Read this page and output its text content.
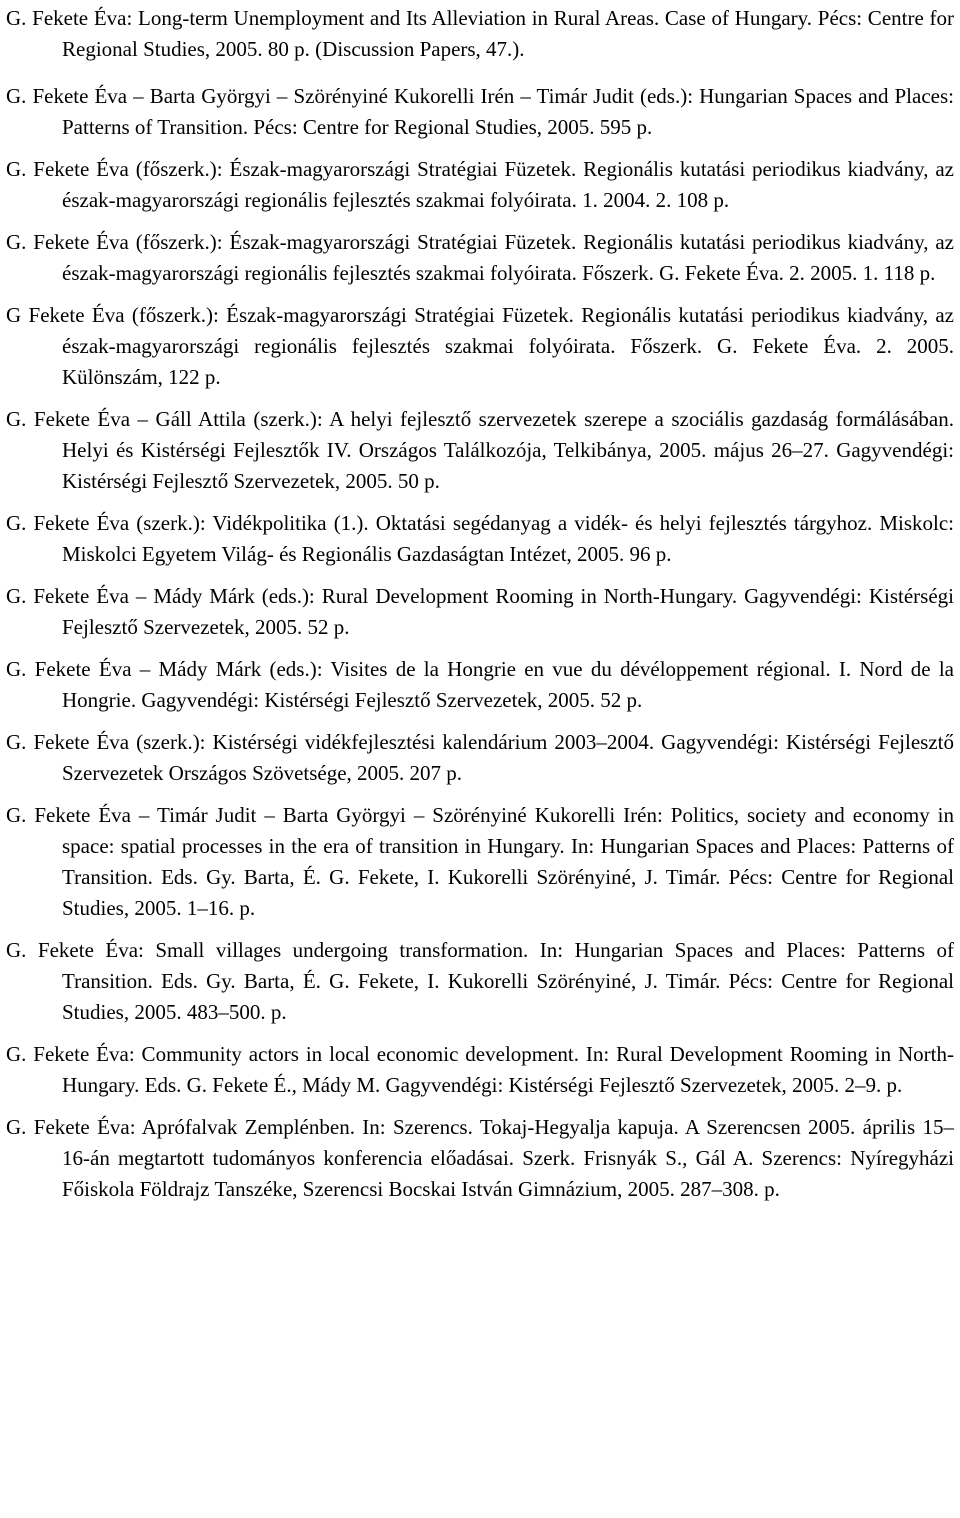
G. Fekete Éva: Long-term Unemployment and Its Alleviation in Rural Areas. Case of Hungary. Pécs: Centre for Regional Studies, 2005. 80 p. (Discussion Papers, 47.).

G. Fekete Éva – Barta Györgyi – Szörényiné Kukorelli Irén – Timár Judit (eds.): Hungarian Spaces and Places: Patterns of Transition. Pécs: Centre for Regional Studies, 2005. 595 p.

G. Fekete Éva (főszerk.): Észak-magyarországi Stratégiai Füzetek. Regionális kutatási periodikus kiadvány, az észak-magyarországi regionális fejlesztés szakmai folyóirata. 1. 2004. 2. 108 p.

G. Fekete Éva (főszerk.): Észak-magyarországi Stratégiai Füzetek. Regionális kutatási periodikus kiadvány, az észak-magyarországi regionális fejlesztés szakmai folyóirata. Főszerk. G. Fekete Éva. 2. 2005. 1. 118 p.

G Fekete Éva (főszerk.): Észak-magyarországi Stratégiai Füzetek. Regionális kutatási periodikus kiadvány, az észak-magyarországi regionális fejlesztés szakmai folyóirata. Főszerk. G. Fekete Éva. 2. 2005. Különszám, 122 p.

G. Fekete Éva – Gáll Attila (szerk.): A helyi fejlesztő szervezetek szerepe a szociális gazdaság formálásában. Helyi és Kistérségi Fejlesztők IV. Országos Találkozója, Telkibánya, 2005. május 26–27. Gagyvendégi: Kistérségi Fejlesztő Szervezetek, 2005. 50 p.

G. Fekete Éva (szerk.): Vidékpolitika (1.). Oktatási segédanyag a vidék- és helyi fejlesztés tárgyhoz. Miskolc: Miskolci Egyetem Világ- és Regionális Gazdaságtan Intézet, 2005. 96 p.

G. Fekete Éva – Mády Márk (eds.): Rural Development Rooming in North-Hungary. Gagyvendégi: Kistérségi Fejlesztő Szervezetek, 2005. 52 p.

G. Fekete Éva – Mády Márk (eds.): Visites de la Hongrie en vue du dévéloppement régional. I. Nord de la Hongrie. Gagyvendégi: Kistérségi Fejlesztő Szervezetek, 2005. 52 p.

G. Fekete Éva (szerk.): Kistérségi vidékfejlesztési kalendárium 2003–2004. Gagyvendégi: Kistérségi Fejlesztő Szervezetek Országos Szövetsége, 2005. 207 p.

G. Fekete Éva – Timár Judit – Barta Györgyi – Szörényiné Kukorelli Irén: Politics, society and economy in space: spatial processes in the era of transition in Hungary. In: Hungarian Spaces and Places: Patterns of Transition. Eds. Gy. Barta, É. G. Fekete, I. Kukorelli Szörényiné, J. Timár. Pécs: Centre for Regional Studies, 2005. 1–16. p.

G. Fekete Éva: Small villages undergoing transformation. In: Hungarian Spaces and Places: Patterns of Transition. Eds. Gy. Barta, É. G. Fekete, I. Kukorelli Szörényiné, J. Timár. Pécs: Centre for Regional Studies, 2005. 483–500. p.

G. Fekete Éva: Community actors in local economic development. In: Rural Development Rooming in North-Hungary. Eds. G. Fekete É., Mády M. Gagyvendégi: Kistérségi Fejlesztő Szervezetek, 2005. 2–9. p.

G. Fekete Éva: Aprófalvak Zemplénben. In: Szerencs. Tokaj-Hegyalja kapuja. A Szerencsen 2005. április 15–16-án megtartott tudományos konferencia előadásai. Szerk. Frisnyák S., Gál A. Szerencs: Nyíregyházi Főiskola Földrajz Tanszéke, Szerencsi Bocskai István Gimnázium, 2005. 287–308. p.
